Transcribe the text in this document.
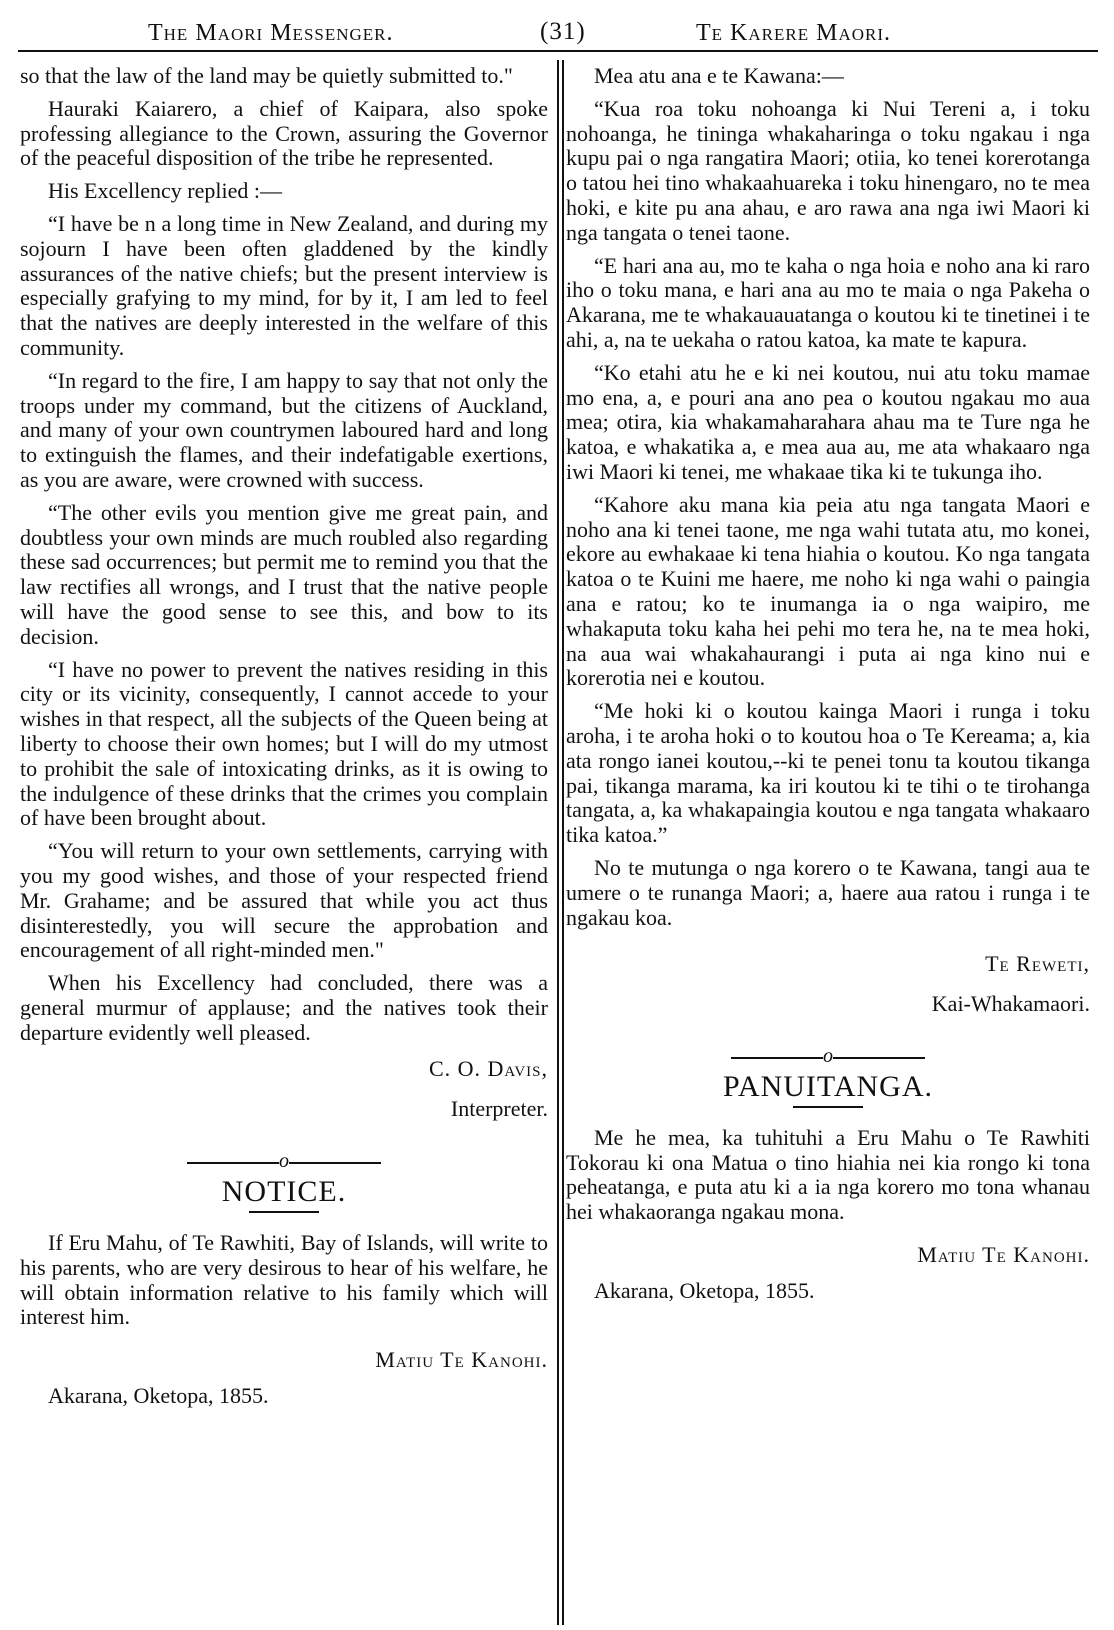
The Maori Messenger.	(31)	Te Karere Maori.

so that the law of the land may be quietly submitted to."

Hauraki Kaiarero, a chief of Kaipara, also spoke professing allegiance to the Crown, assuring the Governor of the peaceful disposition of the tribe he represented.

His Excellency replied :—

“I have be n a long time in New Zealand, and during my sojourn I have been often gladdened by the kindly assurances of the native chiefs; but the present interview is especially grafying to my mind, for by it, I am led to feel that the natives are deeply interested in the welfare of this community.

“In regard to the fire, I am happy to say that not only the troops under my command, but the citizens of Auckland, and many of your own countrymen laboured hard and long to extinguish the flames, and their indefatigable exertions, as you are aware, were crowned with success.

“The other evils you mention give me great pain, and doubtless your own minds are much roubled also regarding these sad occurrences; but permit me to remind you that the law rectifies all wrongs, and I trust that the native people will have the good sense to see this, and bow to its decision.

“I have no power to prevent the natives residing in this city or its vicinity, consequently, I cannot accede to your wishes in that respect, all the subjects of the Queen being at liberty to choose their own homes; but I will do my utmost to prohibit the sale of intoxicating drinks, as it is owing to the indulgence of these drinks that the crimes you complain of have been brought about.

“You will return to your own settlements, carrying with you my good wishes, and those of your respected friend Mr. Grahame; and be assured that while you act thus disinterestedly, you will secure the approbation and encouragement of all right-minded men."

When his Excellency had concluded, there was a general murmur of applause; and the natives took their departure evidently well pleased.

C. O. Davis,

Interpreter.

o
NOTICE.

If Eru Mahu, of Te Rawhiti, Bay of Islands, will write to his parents, who are very desirous to hear of his welfare, he will obtain information relative to his family which will interest him.

Matiu Te Kanohi.

Akarana, Oketopa, 1855.

Mea atu ana e te Kawana:—

“Kua roa toku nohoanga ki Nui Tereni a, i toku nohoanga, he tininga whakaharinga o toku ngakau i nga kupu pai o nga rangatira Maori; otiia, ko tenei korerotanga o tatou hei tino whakaahuareka i toku hinengaro, no te mea hoki, e kite pu ana ahau, e aro rawa ana nga iwi Maori ki nga tangata o tenei taone.

“E hari ana au, mo te kaha o nga hoia e noho ana ki raro iho o toku mana, e hari ana au mo te maia o nga Pakeha o Akarana, me te whakauauatanga o koutou ki te tinetinei i te ahi, a, na te uekaha o ratou katoa, ka mate te kapura.

“Ko etahi atu he e ki nei koutou, nui atu toku mamae mo ena, a, e pouri ana ano pea o koutou ngakau mo aua mea; otira, kia whakamaharahara ahau ma te Ture nga he katoa, e whakatika a, e mea aua au, me ata whakaaro nga iwi Maori ki tenei, me whakaae tika ki te tukunga iho.

“Kahore aku mana kia peia atu nga tangata Maori e noho ana ki tenei taone, me nga wahi tutata atu, mo konei, ekore au ewhakaae ki tena hiahia o koutou. Ko nga tangata katoa o te Kuini me haere, me noho ki nga wahi o paingia ana e ratou; ko te inumanga ia o nga waipiro, me whakaputa toku kaha hei pehi mo tera he, na te mea hoki, na aua wai whakahaurangi i puta ai nga kino nui e korerotia nei e koutou.

“Me hoki ki o koutou kainga Maori i runga i toku aroha, i te aroha hoki o to koutou hoa o Te Kereama; a, kia ata rongo ianei koutou,--ki te penei tonu ta koutou tikanga pai, tikanga marama, ka iri koutou ki te tihi o te tirohanga tangata, a, ka whakapaingia koutou e nga tangata whakaaro tika katoa.”

No te mutunga o nga korero o te Kawana, tangi aua te umere o te runanga Maori; a, haere aua ratou i runga i te ngakau koa.

Te Reweti,

Kai-Whakamaori.

o
PANUITANGA.

Me he mea, ka tuhituhi a Eru Mahu o Te Rawhiti Tokorau ki ona Matua o tino hiahia nei kia rongo ki tona peheatanga, e puta atu ki a ia nga korero mo tona whanau hei whakaoranga ngakau mona.

Matiu Te Kanohi.

Akarana, Oketopa, 1855.
